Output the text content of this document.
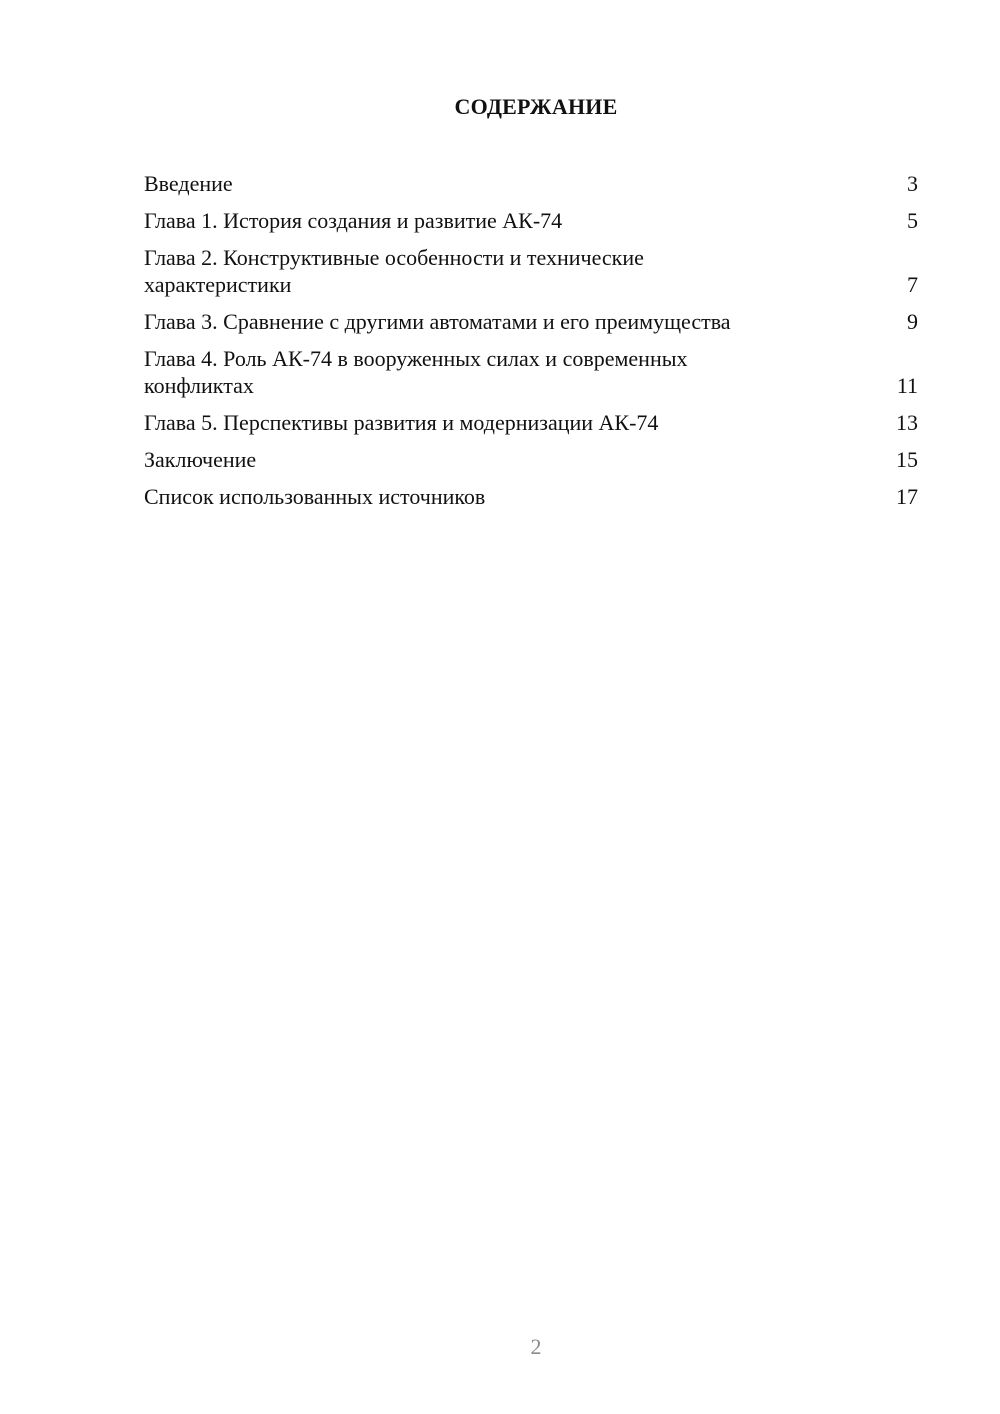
СОДЕРЖАНИЕ
Введение	3
Глава 1. История создания и развитие АК-74	5
Глава 2. Конструктивные особенности и технические характеристики	7
Глава 3. Сравнение с другими автоматами и его преимущества	9
Глава 4. Роль АК-74 в вооруженных силах и современных конфликтах	11
Глава 5. Перспективы развития и модернизации АК-74	13
Заключение	15
Список использованных источников	17
2
